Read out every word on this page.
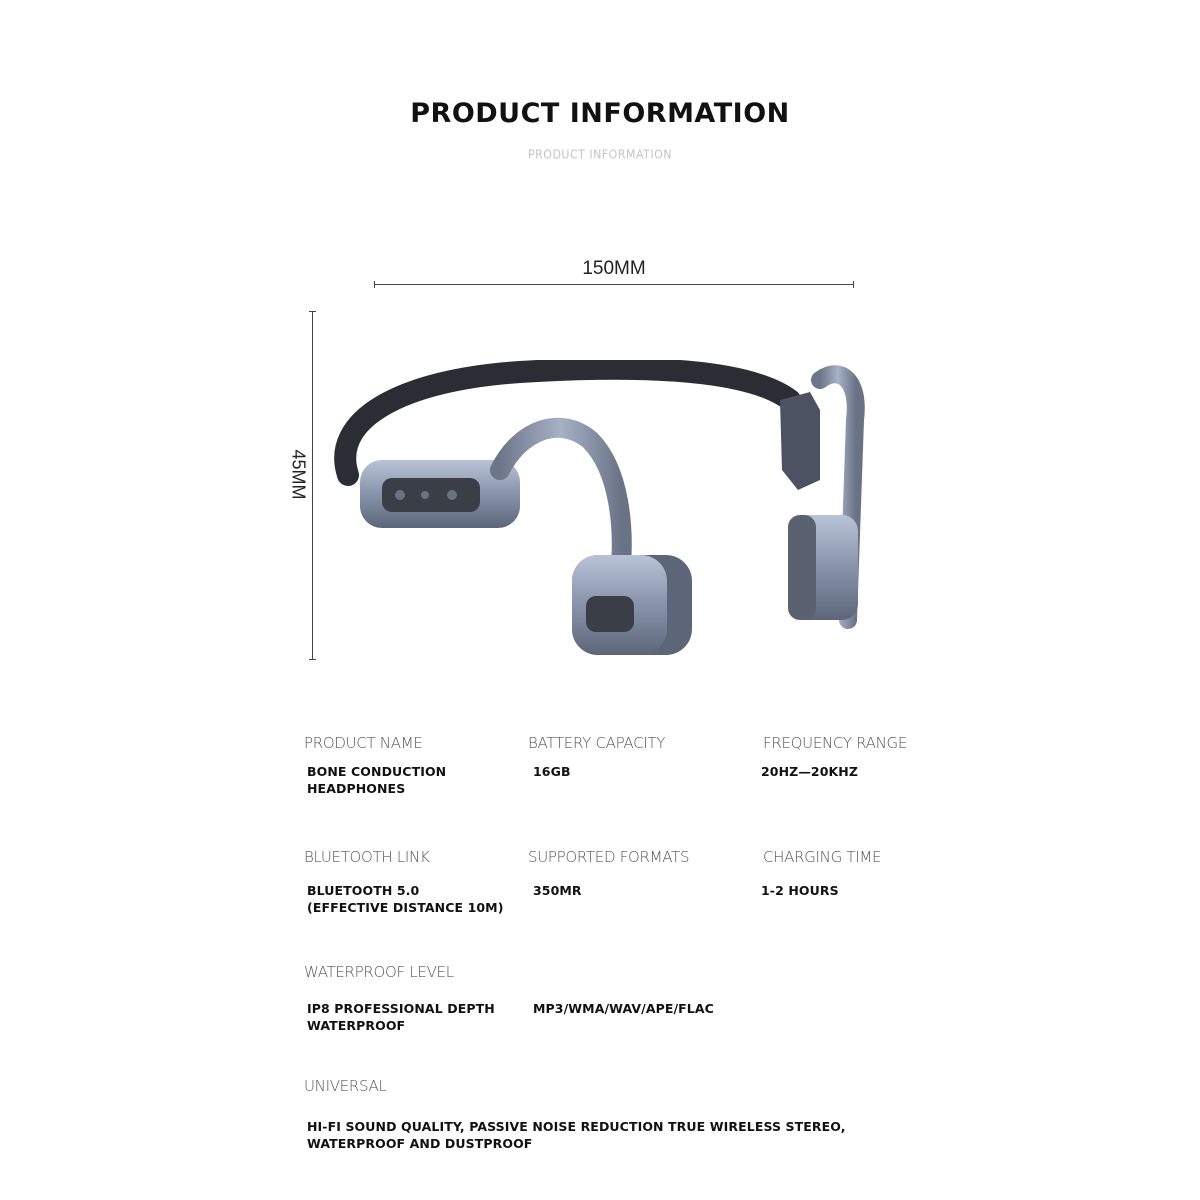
PRODUCT INFORMATION
PRODUCT INFORMATION
150MM
45MM
PRODUCT NAME
BONE CONDUCTION
HEADPHONES
BATTERY CAPACITY
16GB
FREQUENCY RANGE
20HZ—20KHZ
BLUETOOTH LINK
BLUETOOTH 5.0
(EFFECTIVE DISTANCE 10M)
SUPPORTED FORMATS
350MR
CHARGING TIME
1-2 HOURS
WATERPROOF LEVEL
IP8 PROFESSIONAL DEPTH
WATERPROOF
MP3/WMA/WAV/APE/FLAC
UNIVERSAL
HI-FI SOUND QUALITY, PASSIVE NOISE REDUCTION TRUE WIRELESS STEREO,
WATERPROOF AND DUSTPROOF
